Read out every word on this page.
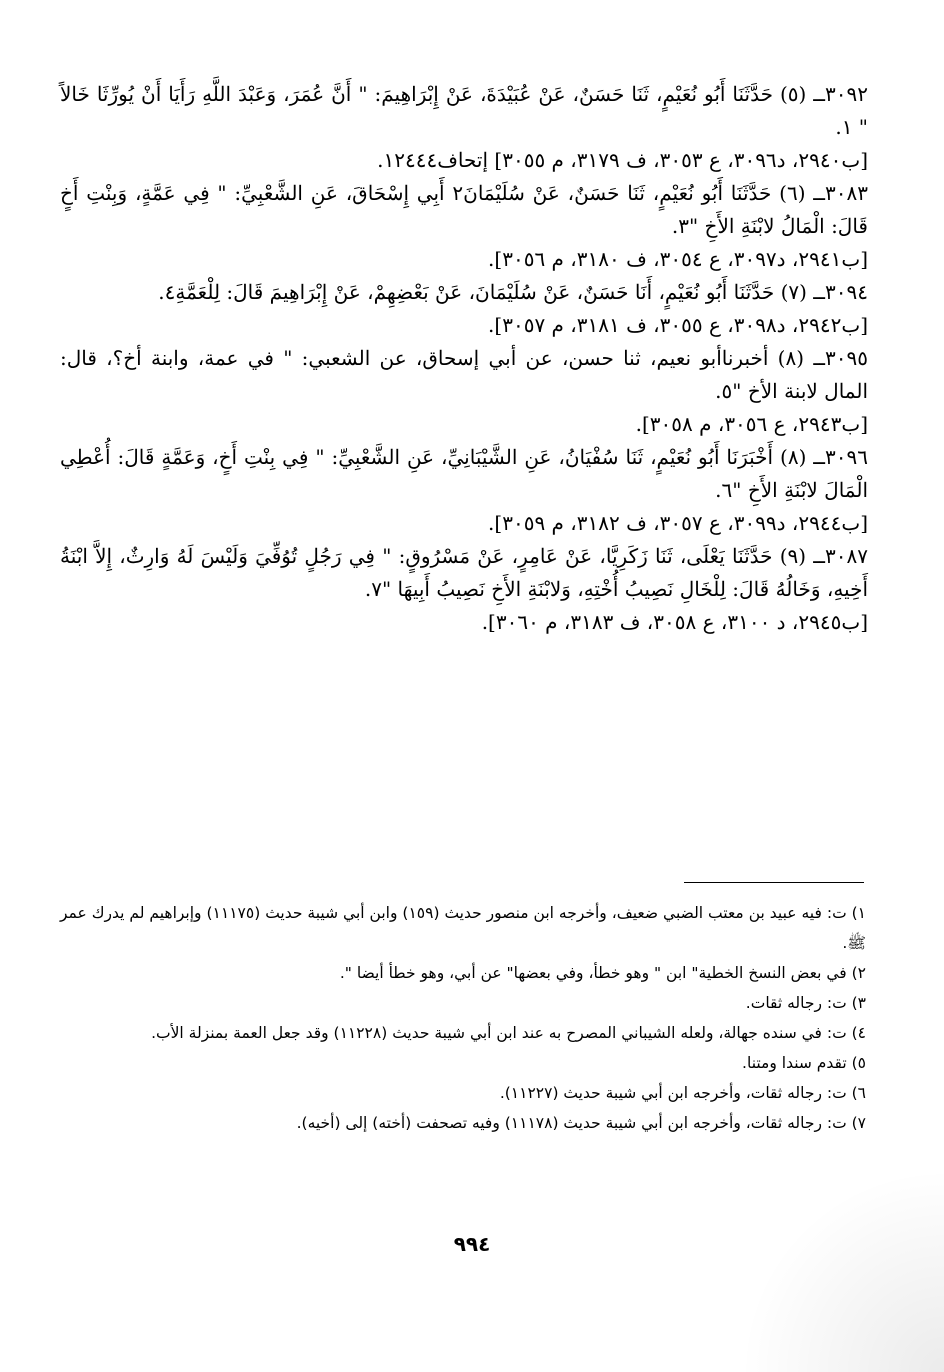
٣٠٩٢ــ (٥) حَدَّثَنَا أَبُو نُعَيْمٍ، ثَنَا حَسَنٌ، عَنْ عُبَيْدَةَ، عَنْ إِبْرَاهِيمَ: " أَنَّ عُمَرَ، وَعَبْدَ اللَّهِ رَأَيَا أَنْ يُورِّثَا خَالاً " ١.

[ب٢٩٤٠، د٣٠٩٦، ع ٣٠٥٣، ف ٣١٧٩، م ٣٠٥٥] إتحاف١٢٤٤٤.

٣٠٨٣ــ (٦) حَدَّثَنَا أَبُو نُعَيْمٍ، ثَنَا حَسَنٌ، عَنْ سُلَيْمَانَ٢ أَبِي إِسْحَاقَ، عَنِ الشَّعْبِيِّ: " فِي عَمَّةٍ، وَبِنْتِ أَخٍ قَالَ: الْمَالُ لابْنَةِ الأَخِ "٣.

[ب٢٩٤١، د٣٠٩٧، ع ٣٠٥٤، ف ٣١٨٠، م ٣٠٥٦].

٣٠٩٤ــ (٧) حَدَّثَنَا أَبُو نُعَيْمٍ، أَنَا حَسَنٌ، عَنْ سُلَيْمَانَ، عَنْ بَعْضِهِمْ، عَنْ إِبْرَاهِيمَ قَالَ: لِلْعَمَّةِ٤.

[ب٢٩٤٢، د٣٠٩٨، ع ٣٠٥٥، ف ٣١٨١، م ٣٠٥٧].

٣٠٩٥ــ (٨) أخبرناأبو نعيم، ثنا حسن، عن أبي إسحاق، عن الشعبي: " في عمة، وابنة أخ؟، قال: المال لابنة الأخ "٥.

[ب٢٩٤٣، ع ٣٠٥٦، م ٣٠٥٨].

٣٠٩٦ــ (٨) أَخْبَرَنَا أَبُو نُعَيْمٍ، ثَنَا سُفْيَانُ، عَنِ الشَّيْبَانِيِّ، عَنِ الشَّعْبِيِّ: " فِي بِنْتِ أَخٍ، وَعَمَّةٍ قَالَ: أُعْطِي الْمَالَ لابْنَةِ الأَخِ "٦.

[ب٢٩٤٤، د٣٠٩٩، ع ٣٠٥٧، ف ٣١٨٢، م ٣٠٥٩].

٣٠٨٧ــ (٩) حَدَّثَنَا يَعْلَى، ثَنَا زَكَرِيَّا، عَنْ عَامِرٍ، عَنْ مَسْرُوقٍ: " فِي رَجُلٍ تُوُفِّيَ وَلَيْسَ لَهُ وَارِثٌ، إِلاَّ ابْنَةُ أَخِيهِ، وَخَالُهُ قَالَ: لِلْخَالِ نَصِيبُ أُخْتِهِ، وَلابْنَةِ الأَخِ نَصِيبُ أَبِيهَا "٧.

[ب٢٩٤٥، د ٣١٠٠، ع ٣٠٥٨، ف ٣١٨٣، م ٣٠٦٠].

١) ت: فيه عبيد بن معتب الضبي ضعيف، وأخرجه ابن منصور حديث (١٥٩) وابن أبي شيبة حديث (١١١٧٥) وإبراهيم لم يدرك عمر ﷺ.

٢) في بعض النسخ الخطية" ابن " وهو خطأ، وفي بعضها" عن أبي، وهو خطأ أيضا ".

٣) ت: رجاله ثقات.

٤) ت: في سنده جهالة، ولعله الشيباني المصرح به عند ابن أبي شيبة حديث (١١٢٢٨) وقد جعل العمة بمنزلة الأب.

٥) تقدم سندا ومتنا.

٦) ت: رجاله ثقات، وأخرجه ابن أبي شيبة حديث (١١٢٢٧).

٧) ت: رجاله ثقات، وأخرجه ابن أبي شيبة حديث (١١١٧٨) وفيه تصحفت (أخته) إلى (أخيه).

٩٩٤
